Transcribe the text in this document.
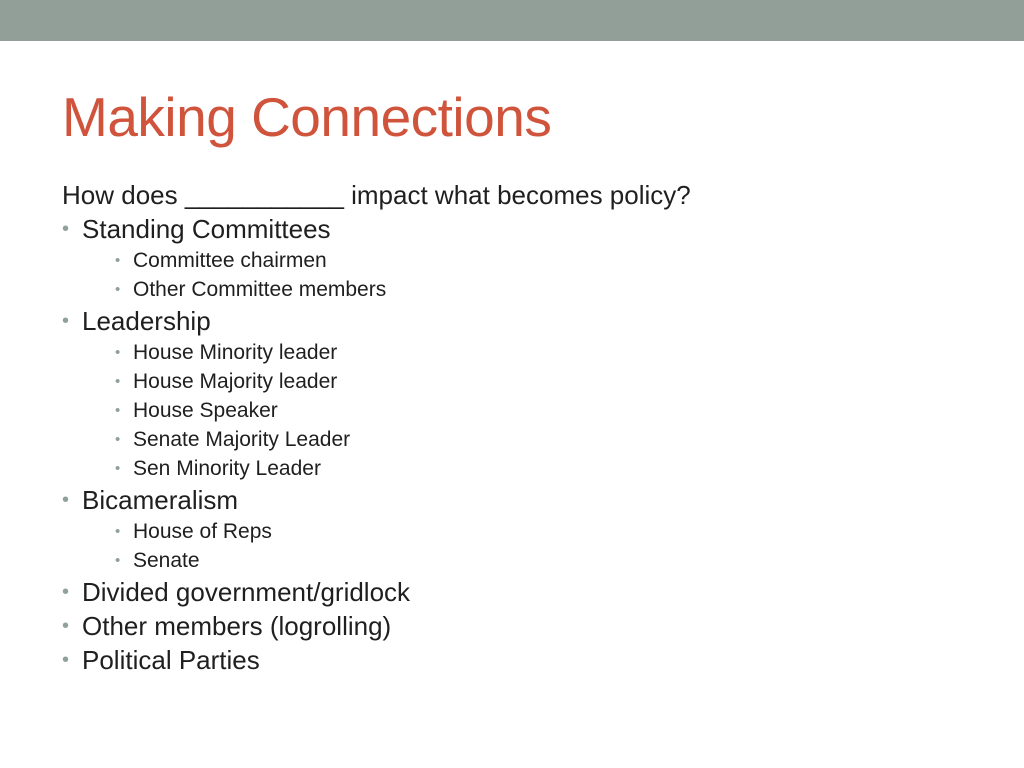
Making Connections
How does ___________ impact what becomes policy?
• Standing Committees
• Committee chairmen
• Other Committee members
• Leadership
• House Minority leader
• House Majority leader
• House Speaker
• Senate Majority Leader
• Sen Minority Leader
• Bicameralism
• House of Reps
• Senate
• Divided government/gridlock
• Other members (logrolling)
• Political Parties
